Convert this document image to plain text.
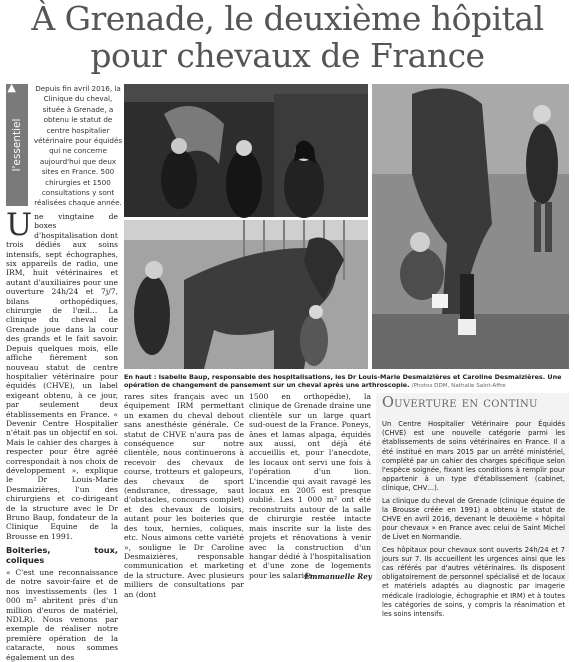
À Grenade, le deuxième hôpital
pour chevaux de France
▶
l'essentiel
Depuis fin avril 2016, la Clinique du cheval, située à Grenade, a obtenu le statut de centre hospitalier vétérinaire pour équidés qui ne concerne aujourd'hui que deux sites en France. 500 chirurgies et 1500 consultations y sont réalisées chaque année.
En haut : Isabelle Baup, responsable des hospitalisations, les Dr Louis-Marie Desmaizières et Caroline Desmaizières. Une opération de changement de pansement sur un cheval après une arthroscopie. /Photos DDM, Nathalie Saint-Affre
U ne vingtaine de boxes d'hospitalisation dont trois dédiés aux soins intensifs, sept échographes, six appareils de radio, une IRM, huit vétérinaires et autant d'auxiliaires pour une ouverture 24h/24 et 7j/7, bilans orthopédiques, chirurgie de l'œil… La clinique du cheval de Grenade joue dans la cour des grands et le fait savoir. Depuis quelques mois, elle affiche fièrement son nouveau statut de centre hospitalier vétérinaire pour équidés (CHVE), un label exigeant obtenu, à ce jour, par seulement deux établissements en France. « Devenir Centre Hospitalier n'était pas un objectif en soi. Mais le cahier des charges à respecter pour être agréé correspondait à nos choix de développement », explique le Dr Louis-Marie Desmaizières, l'un des chirurgiens et co-dirigeant de la structure avec le Dr Bruno Baup, fondateur de la Clinique Equine de la Brousse en 1991.
Boiteries, toux, coliques
« C'est une reconnaissance de notre savoir-faire et de nos investissements (les 1 000 m² abritent près d'un million d'euros de matériel, NDLR). Nous venons par exemple de réaliser notre première opération de la cataracte, nous sommes également un des
rares sites français avec un équipement IRM permettant un examen du cheval debout sans anesthésie générale. Ce statut de CHVE n'aura pas de conséquence sur notre clientèle, nous continuerons à recevoir des chevaux de course, trotteurs et galopeurs, des chevaux de sport (endurance, dressage, saut d'obstacles, concours complet) et des chevaux de loisirs, autant pour les boiteries que des toux, hernies, coliques, etc. Nous aimons cette variété », souligne le Dr Caroline Desmaizières, responsable communication et marketing de la structure. Avec plusieurs milliers de consultations par an (dont
1500 en orthopédie), la clinique de Grenade draine une clientèle sur un large quart sud-ouest de la France. Poneys, ânes et lamas alpaga, équidés aux aussi, ont déjà été accueillis et, pour l'anecdote, les locaux ont servi une fois à l'opération d'un lion. L'incendie qui avait ravagé les locaux en 2005 est presque oublié. Les 1 000 m² ont été reconstruits autour de la salle de chirurgie restée intacte mais inscrite sur la liste des projets et rénovations à venir avec la construction d'un hangar dédié à l'hospitalisation et d'une zone de logements pour les salariés.
Emmanuelle Rey
Ouverture en continu
Un Centre Hospitalier Vétérinaire pour Équidés (CHVE) est une nouvelle catégorie parmi les établissements de soins vétérinaires en France. Il a été institué en mars 2015 par un arrêté ministériel, complété par un cahier des charges spécifique selon l'espèce soignée, fixant les conditions à remplir pour appartenir à un type d'établissement (cabinet, clinique, CHV…).
La clinique du cheval de Grenade (clinique équine de la Brousse créée en 1991) a obtenu le statut de CHVE en avril 2016, devenant le deuxième « hôpital pour chevaux » en France avec celui de Saint Michel de Livet en Normandie.
Ces hôpitaux pour chevaux sont ouverts 24h/24 et 7 jours sur 7. Ils accueillent les urgences ainsi que les cas référés par d'autres vétérinaires. Ils disposent obligatoirement de personnel spécialisé et de locaux et matériels adaptés au diagnostic par imagerie médicale (radiologie, échographie et IRM) et à toutes les catégories de soins, y compris la réanimation et les soins intensifs.
